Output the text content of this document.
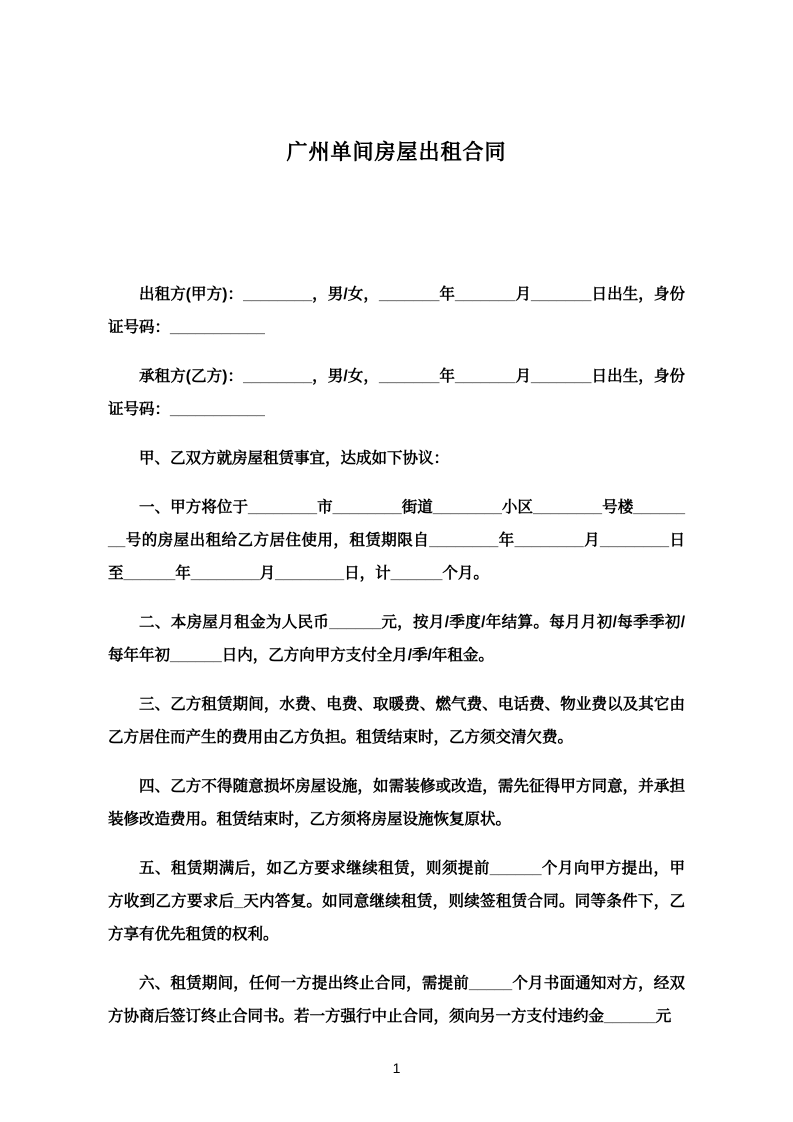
广州单间房屋出租合同

出租方(甲方)：________，男/女，_______年_______月_______日出生，身份证号码：___________

承租方(乙方)：________，男/女，_______年_______月_______日出生，身份证号码：___________

甲、乙双方就房屋租赁事宜，达成如下协议：

一、甲方将位于________市________街道________小区________号楼________号的房屋出租给乙方居住使用，租赁期限自________年________月________日至______年________月________日，计______个月。

二、本房屋月租金为人民币______元，按月/季度/年结算。每月月初/每季季初/每年年初______日内，乙方向甲方支付全月/季/年租金。

三、乙方租赁期间，水费、电费、取暖费、燃气费、电话费、物业费以及其它由乙方居住而产生的费用由乙方负担。租赁结束时，乙方须交清欠费。

四、乙方不得随意损坏房屋设施，如需装修或改造，需先征得甲方同意，并承担装修改造费用。租赁结束时，乙方须将房屋设施恢复原状。

五、租赁期满后，如乙方要求继续租赁，则须提前______个月向甲方提出，甲方收到乙方要求后_天内答复。如同意继续租赁，则续签租赁合同。同等条件下，乙方享有优先租赁的权利。

六、租赁期间，任何一方提出终止合同，需提前_____个月书面通知对方，经双方协商后签订终止合同书。若一方强行中止合同，须向另一方支付违约金______元

1
